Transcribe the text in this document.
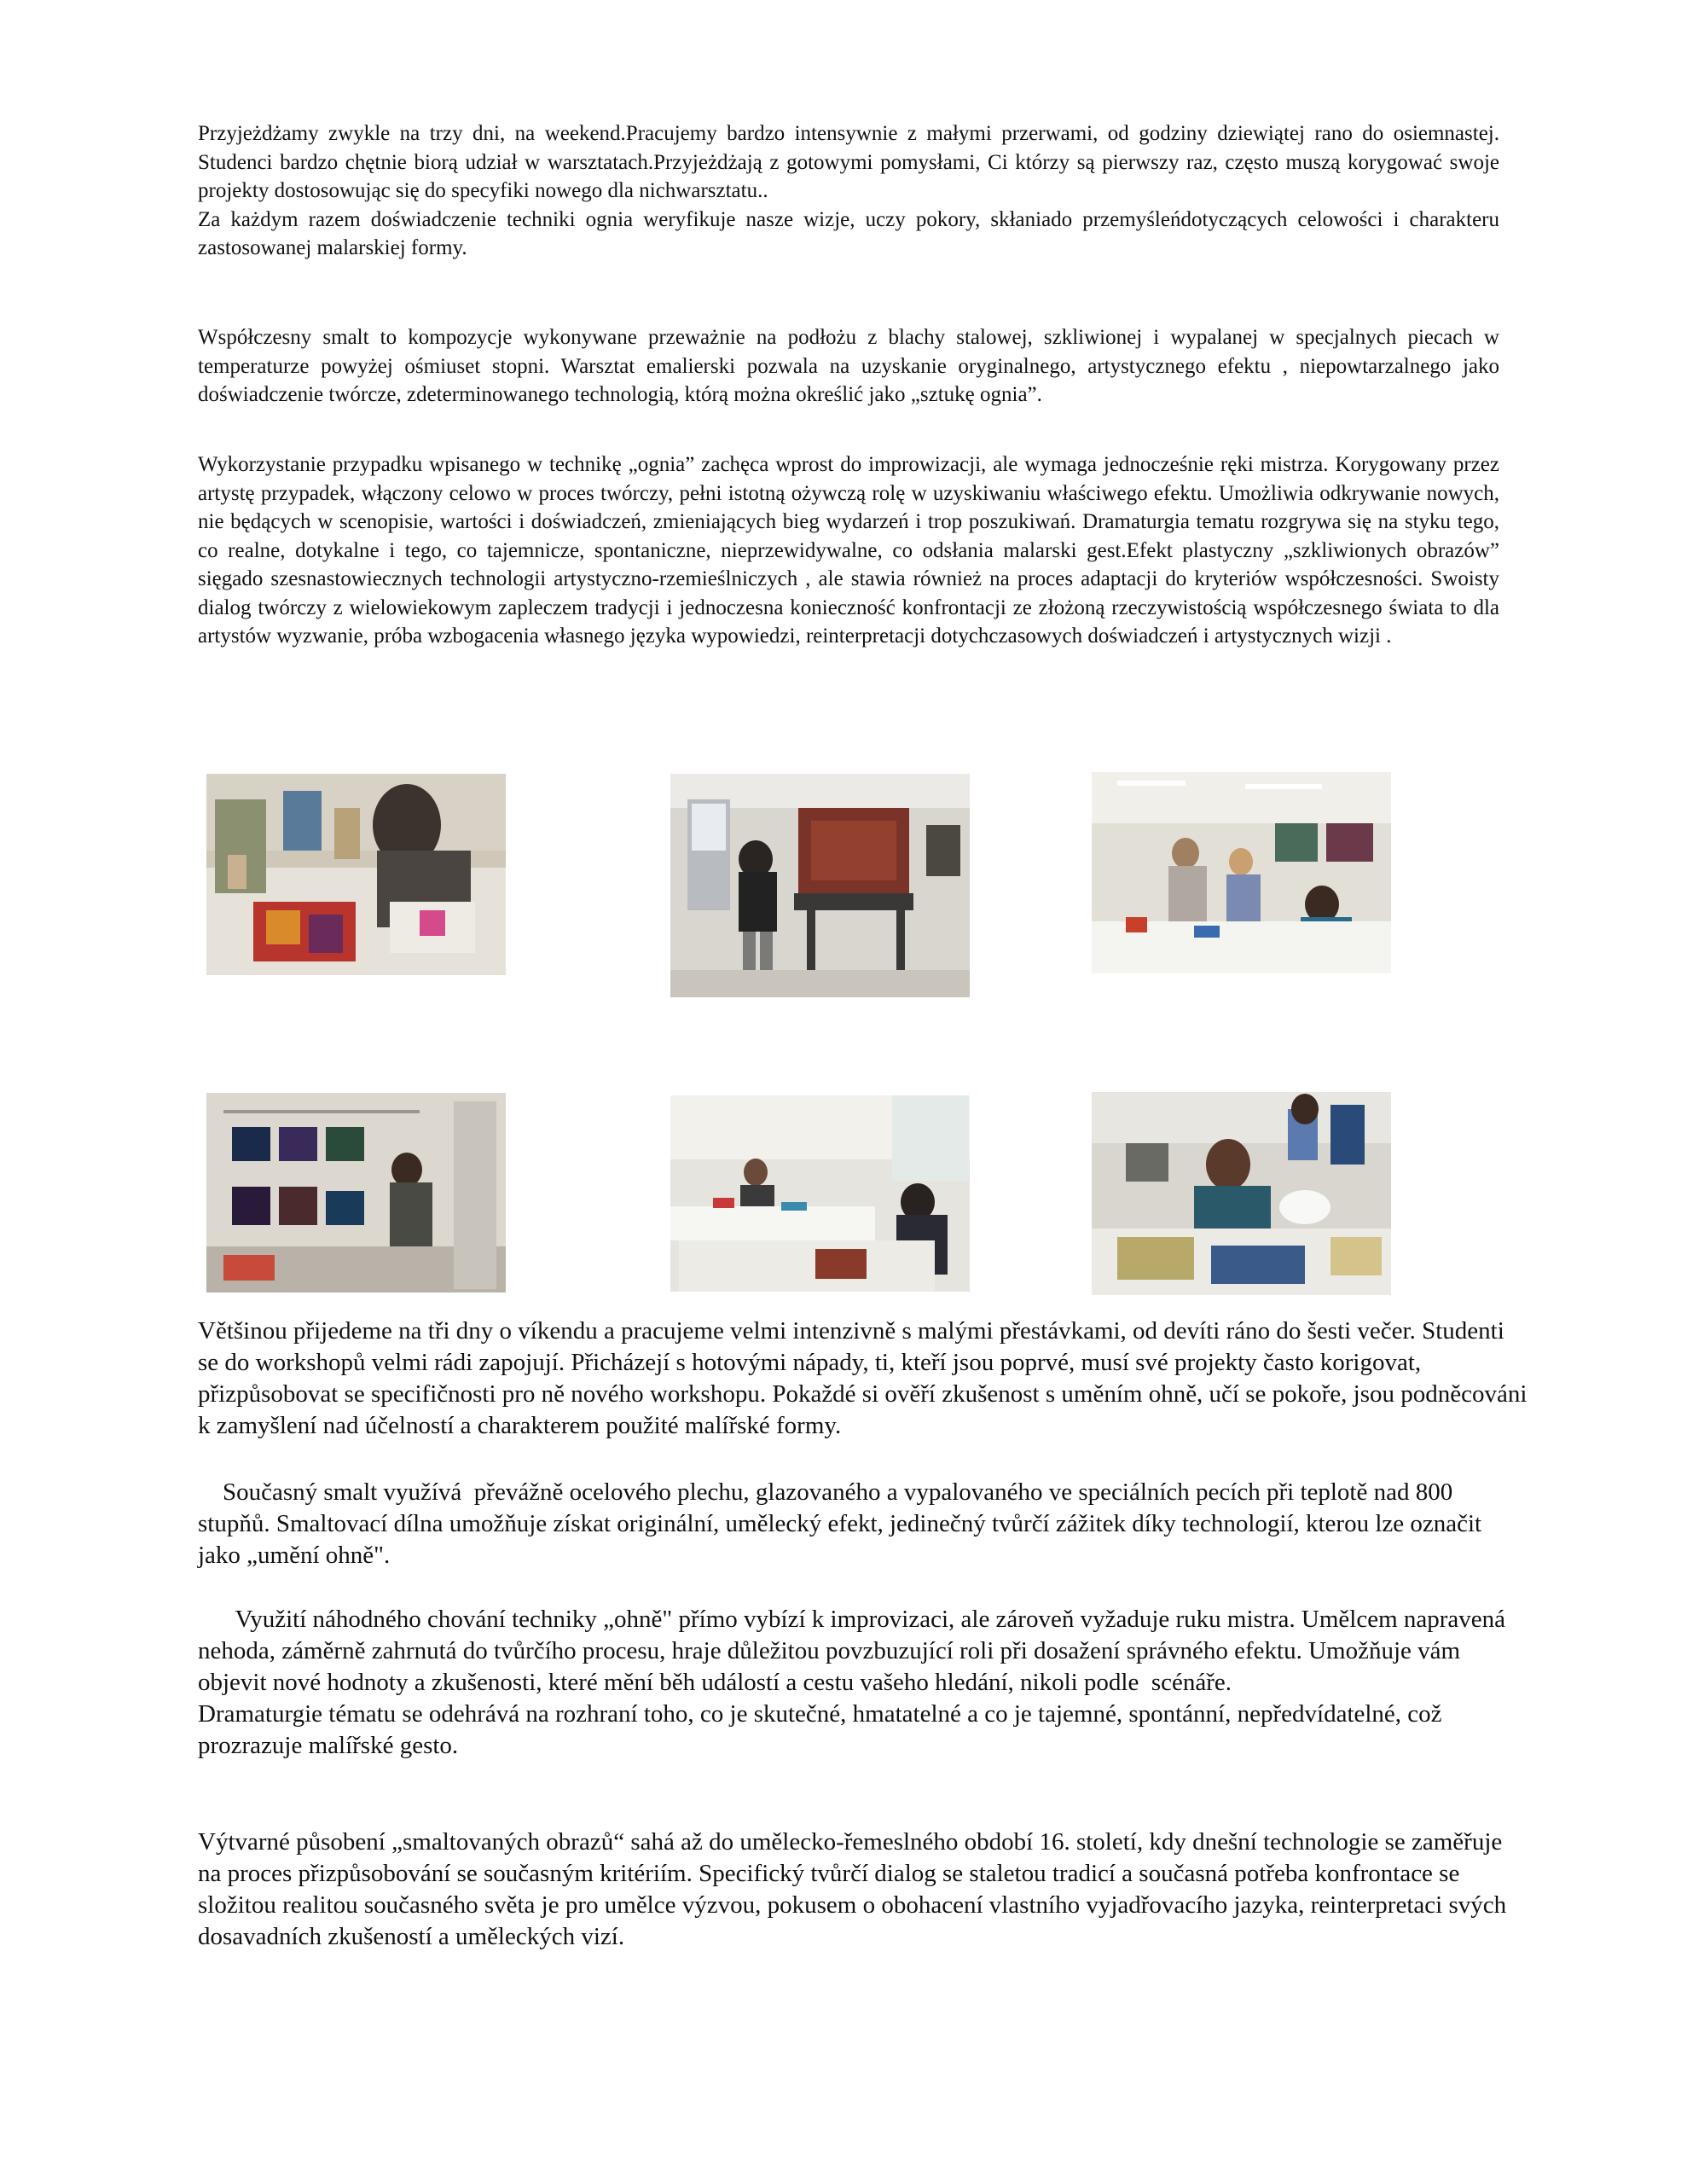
Przyjeżdżamy zwykle na trzy dni, na weekend.Pracujemy bardzo intensywnie z małymi przerwami, od godziny dziewiątej rano do osiemnastej. Studenci bardzo chętnie biorą udział w warsztatach.Przyjeżdżają z gotowymi pomysłami, Ci którzy są pierwszy raz, często muszą korygować swoje projekty dostosowując się do specyfiki nowego dla nichwarsztatu..

Za każdym razem doświadczenie techniki ognia weryfikuje nasze wizje, uczy pokory, skłaniado przemyśleńdotyczących celowości i charakteru zastosowanej malarskiej formy.

Współczesny smalt to kompozycje wykonywane przeważnie na podłożu z blachy stalowej, szkliwionej i wypalanej w specjalnych piecach w temperaturze powyżej ośmiuset stopni. Warsztat emalierski pozwala na uzyskanie oryginalnego, artystycznego efektu , niepowtarzalnego jako doświadczenie twórcze, zdeterminowanego technologią, którą można określić jako „sztukę ognia”.

Wykorzystanie przypadku wpisanego w technikę „ognia” zachęca wprost do improwizacji, ale wymaga jednocześnie ręki mistrza. Korygowany przez artystę przypadek, włączony celowo w proces twórczy, pełni istotną ożywczą rolę w uzyskiwaniu właściwego efektu. Umożliwia odkrywanie nowych, nie będących w scenopisie, wartości i doświadczeń, zmieniających bieg wydarzeń i trop poszukiwań. Dramaturgia tematu rozgrywa się na styku tego, co realne, dotykalne i tego, co tajemnicze, spontaniczne, nieprzewidywalne, co odsłania malarski gest.Efekt plastyczny „szkliwionych obrazów” sięgado szesnastowiecznych technologii artystyczno-rzemieślniczych , ale stawia również na proces adaptacji do kryteriów współczesności. Swoisty dialog twórczy z wielowiekowym zapleczem tradycji i jednoczesna konieczność konfrontacji ze złożoną rzeczywistością współczesnego świata to dla artystów wyzwanie, próba wzbogacenia własnego języka wypowiedzi, reinterpretacji dotychczasowych doświadczeń i artystycznych wizji .

Většinou přijedeme na tři dny o víkendu a pracujeme velmi intenzivně s malými přestávkami, od devíti ráno do šesti večer. Studenti se do workshopů velmi rádi zapojují. Přicházejí s hotovými nápady, ti, kteří jsou poprvé, musí své projekty často korigovat, přizpůsobovat se specifičnosti pro ně nového workshopu. Pokaždé si ověří zkušenost s uměním ohně, učí se pokoře, jsou podněcováni k zamyšlení nad účelností a charakterem použité malířské formy.

Současný smalt využívá  převážně ocelového plechu, glazovaného a vypalovaného ve speciálních pecích při teplotě nad 800 stupňů. Smaltovací dílna umožňuje získat originální, umělecký efekt, jedinečný tvůrčí zážitek díky technologií, kterou lze označit jako „umění ohně".

Využití náhodného chování techniky „ohně" přímo vybízí k improvizaci, ale zároveň vyžaduje ruku mistra. Umělcem napravená nehoda, záměrně zahrnutá do tvůrčího procesu, hraje důležitou povzbuzující roli při dosažení správného efektu. Umožňuje vám objevit nové hodnoty a zkušenosti, které mění běh událostí a cestu vašeho hledání, nikoli podle  scénáře.

Dramaturgie tématu se odehrává na rozhraní toho, co je skutečné, hmatatelné a co je tajemné, spontánní, nepředvídatelné, což prozrazuje malířské gesto.

Výtvarné působení „smaltovaných obrazů“ sahá až do umělecko-řemeslného období 16. století, kdy dnešní technologie se zaměřuje na proces přizpůsobování se současným kritériím. Specifický tvůrčí dialog se staletou tradicí a současná potřeba konfrontace se složitou realitou současného světa je pro umělce výzvou, pokusem o obohacení vlastního vyjadřovacího jazyka, reinterpretaci svých dosavadních zkušeností a uměleckých vizí.
